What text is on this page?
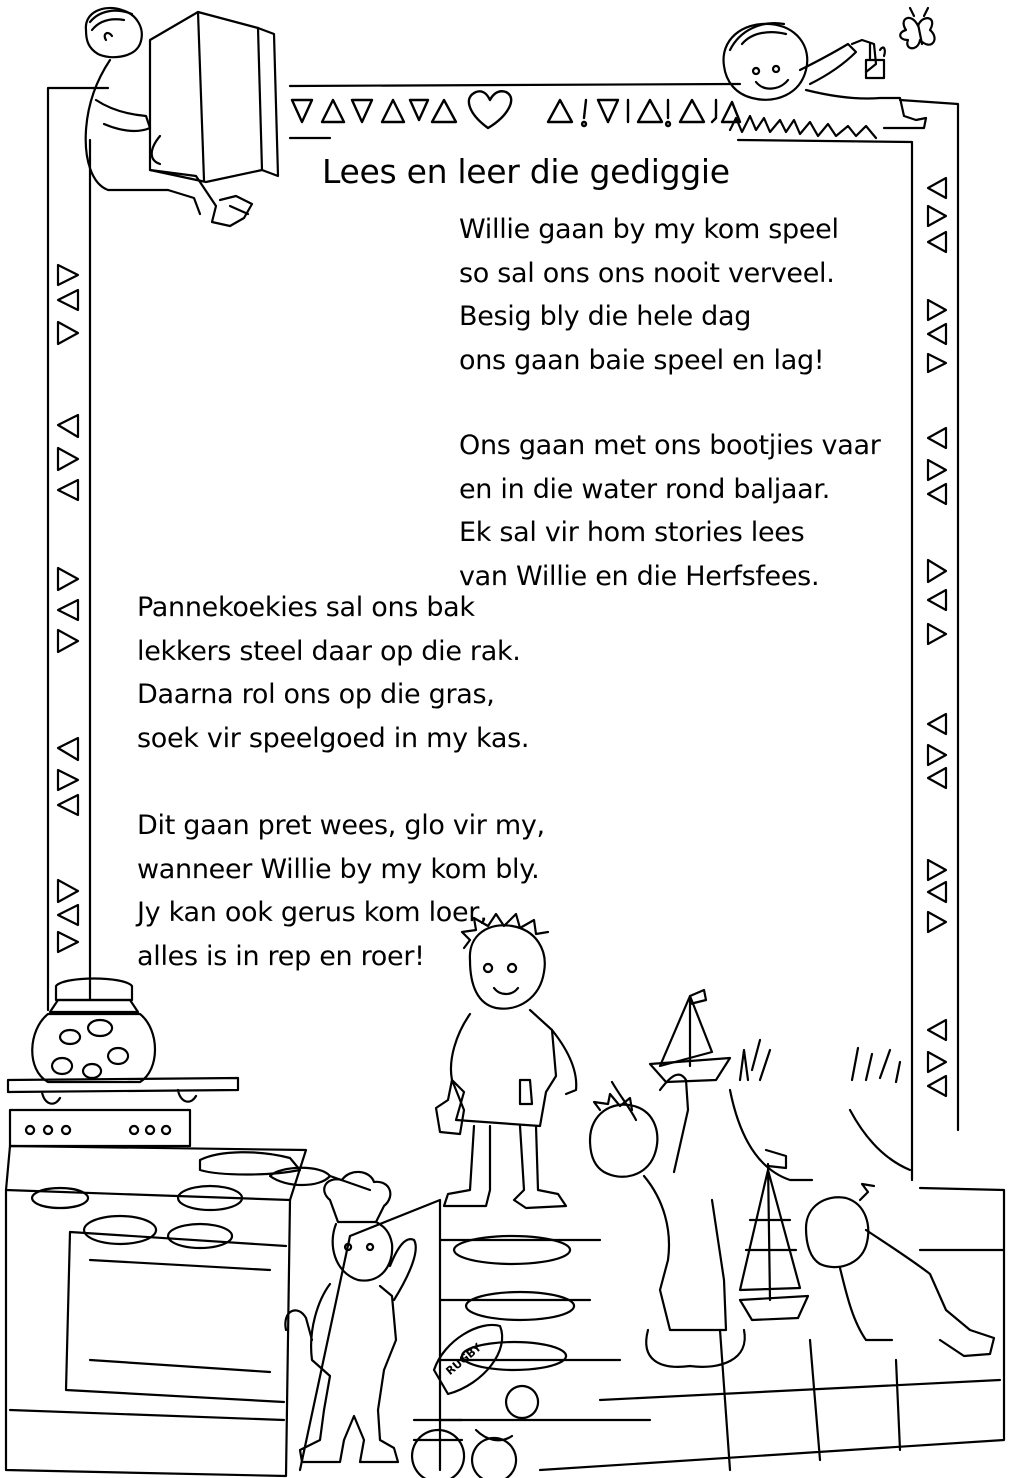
RUGBY
Lees en leer die gediggie
Willie gaan by my kom speel
so sal ons ons nooit verveel.
Besig bly die hele dag
ons gaan baie speel en lag!
Ons gaan met ons bootjies vaar
en in die water rond baljaar.
Ek sal vir hom stories lees
van Willie en die Herfsfees.
Pannekoekies sal ons bak
lekkers steel daar op die rak.
Daarna rol ons op die gras,
soek vir speelgoed in my kas.
Dit gaan pret wees, glo vir my,
wanneer Willie by my kom bly.
Jy kan ook gerus kom loer,
alles is in rep en roer!
